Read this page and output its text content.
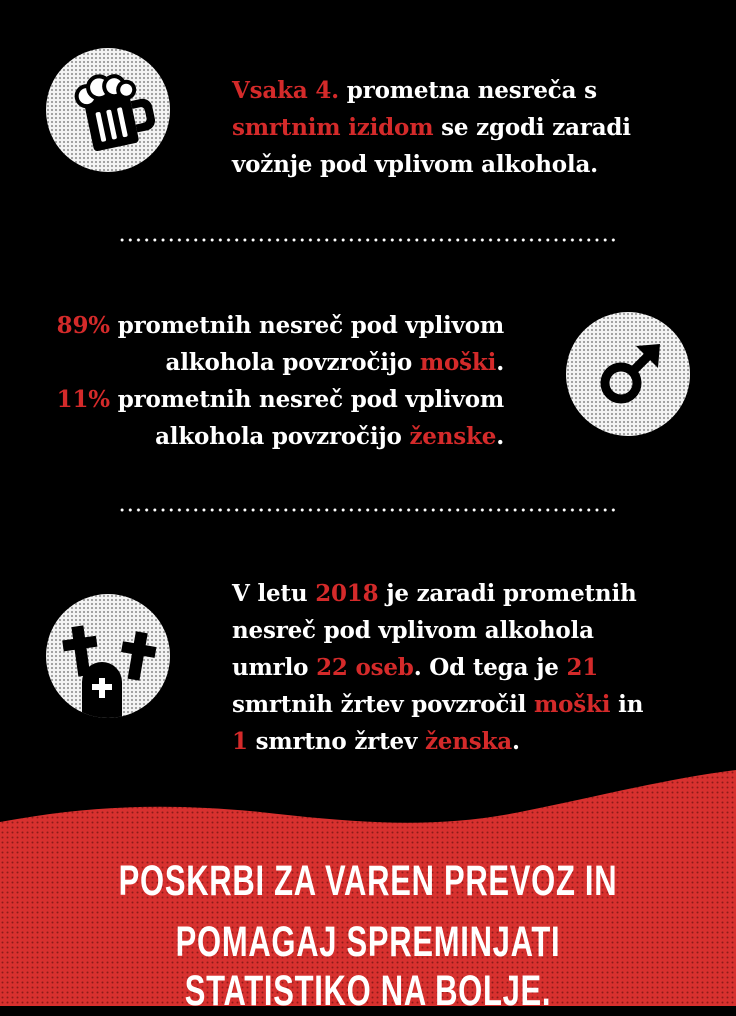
Vsaka 4. prometna nesreča s
smrtnim izidom se zgodi zaradi
vožnje pod vplivom alkohola.
89% prometnih nesreč pod vplivom
alkohola povzročijo moški.
11% prometnih nesreč pod vplivom
alkohola povzročijo ženske.
V letu 2018 je zaradi prometnih
nesreč pod vplivom alkohola
umrlo 22 oseb. Od tega je 21
smrtnih žrtev povzročil moški in
1 smrtno žrtev ženska.
POSKRBI ZA VAREN PREVOZ IN
POMAGAJ SPREMINJATI STATISTIKO NA BOLJE.
